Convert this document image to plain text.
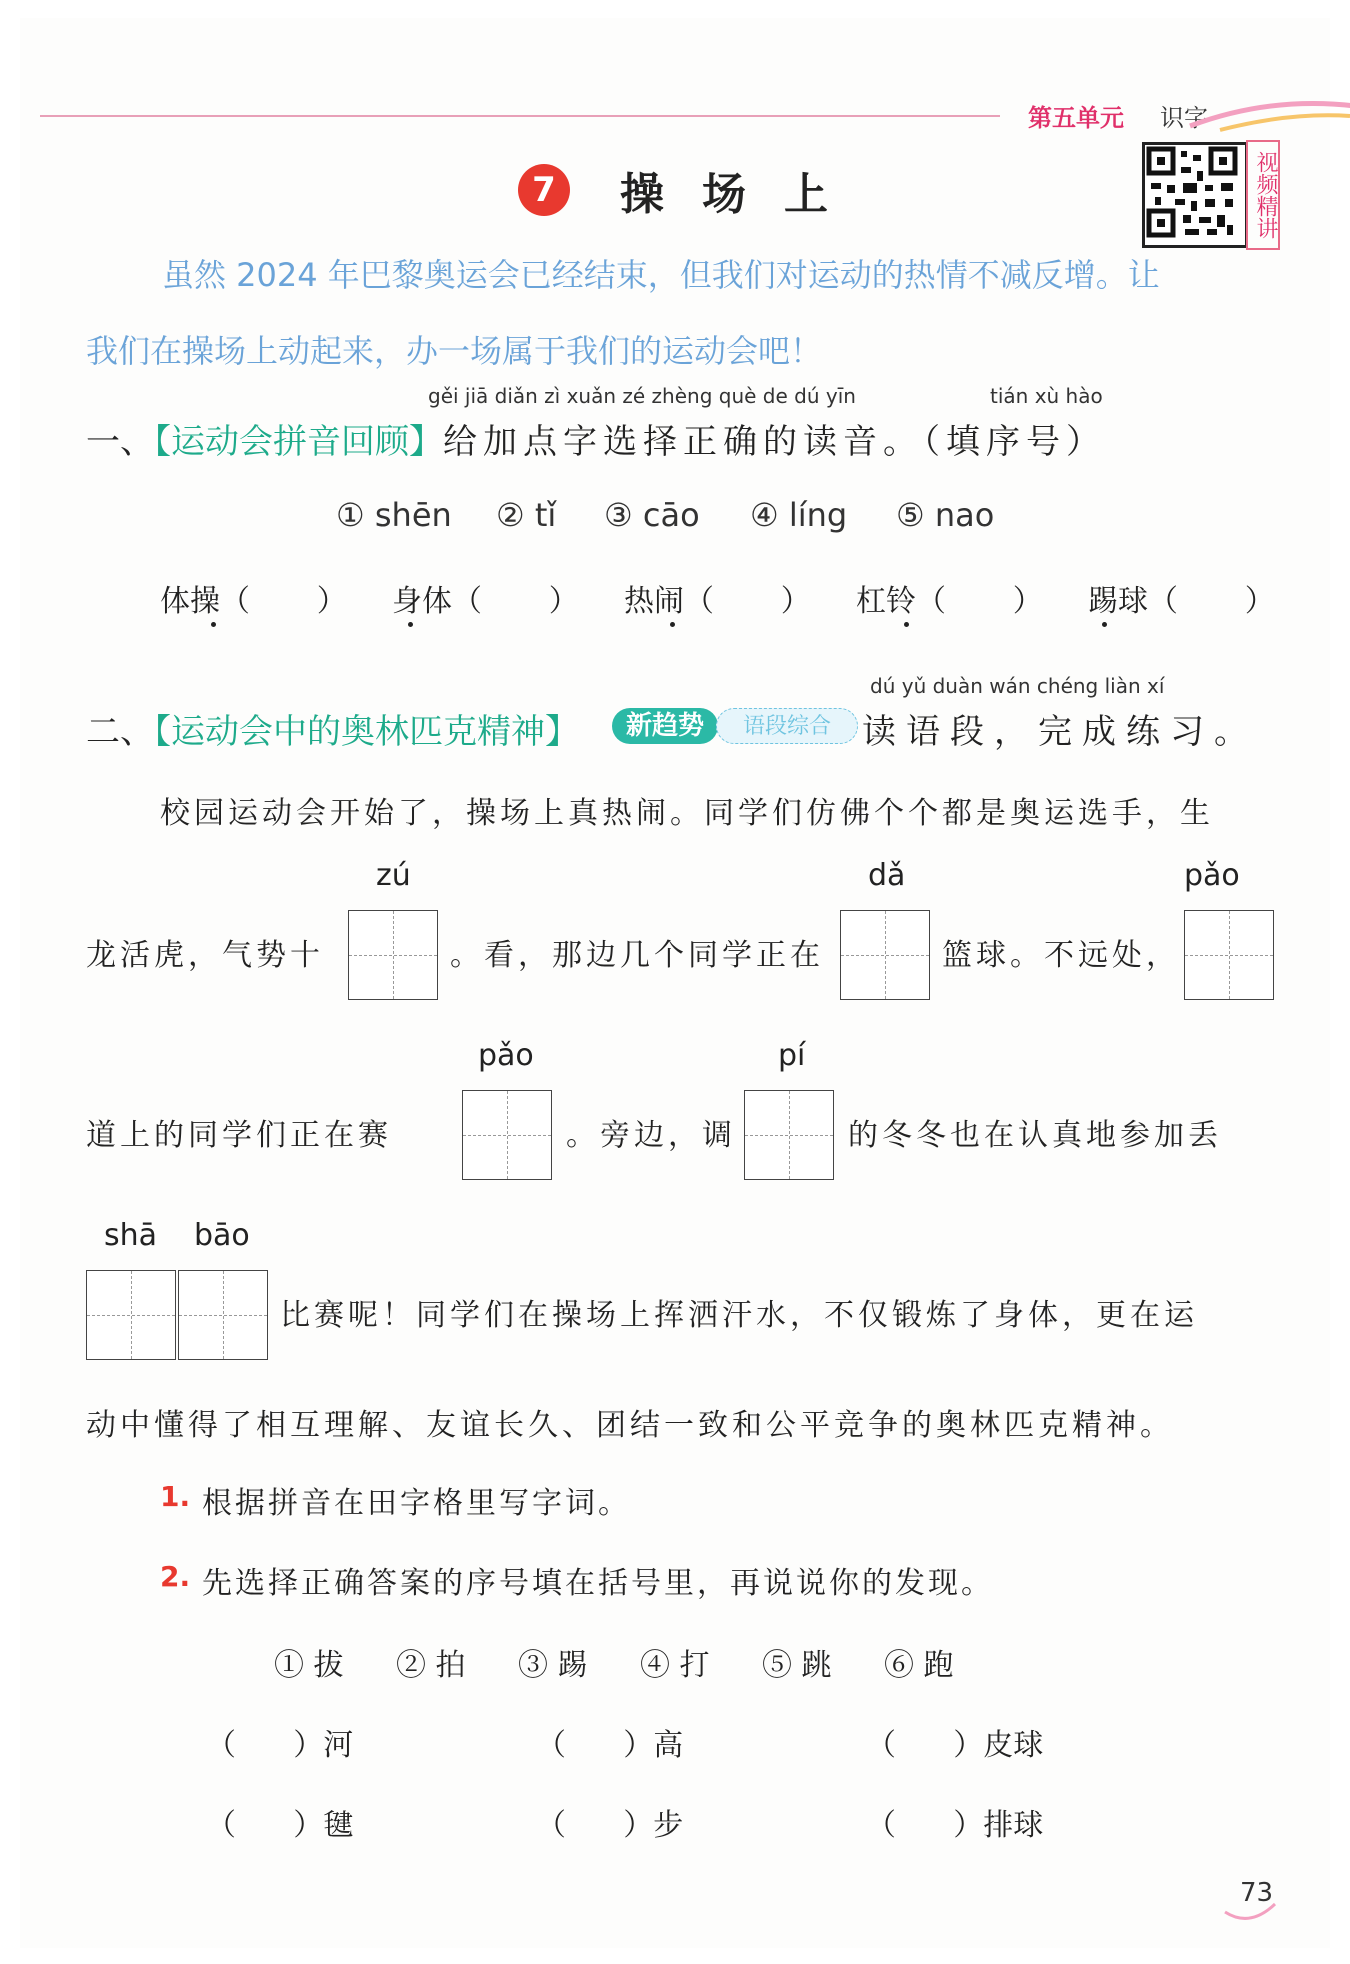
第五单元 识字
7	操场上	视频精讲
虽然 2024 年巴黎奥运会已经结束，但我们对运动的热情不减反增。让
我们在操场上动起来，办一场属于我们的运动会吧！
gěi jiā diǎn zì xuǎn zé zhèng què de dú yīn	tián xù hào
一、【运动会拼音回顾】给加点字选择正确的读音。（填序号）
① shēn ② tǐ ③ cāo ④ líng ⑤ nao
体操（       ） 身体（       ） 热闹（       ） 杠铃（       ） 踢球（       ）
dú yǔ duàn wán chéng liàn xí
二、【运动会中的奥林匹克精神】	新趋势	语段综合 读语段，完成练习。
校园运动会开始了，操场上真热闹。同学们仿佛个个都是奥运选手，生
zú	dǎ	pǎo
龙活虎，气势十	。看，那边几个同学正在	篮球。不远处，
pǎo	pí
道上的同学们正在赛	。旁边，调	的冬冬也在认真地参加丢
shā bāo
比赛呢！同学们在操场上挥洒汗水，不仅锻炼了身体，更在运
动中懂得了相互理解、友谊长久、团结一致和公平竞争的奥林匹克精神。
1. 根据拼音在田字格里写字词。
2. 先选择正确答案的序号填在括号里，再说说你的发现。
① 拔 ② 拍 ③ 踢 ④ 打 ⑤ 跳 ⑥ 跑
（      ）河	（      ）高	（      ）皮球
（      ）毽	（      ）步	（      ）排球
73
